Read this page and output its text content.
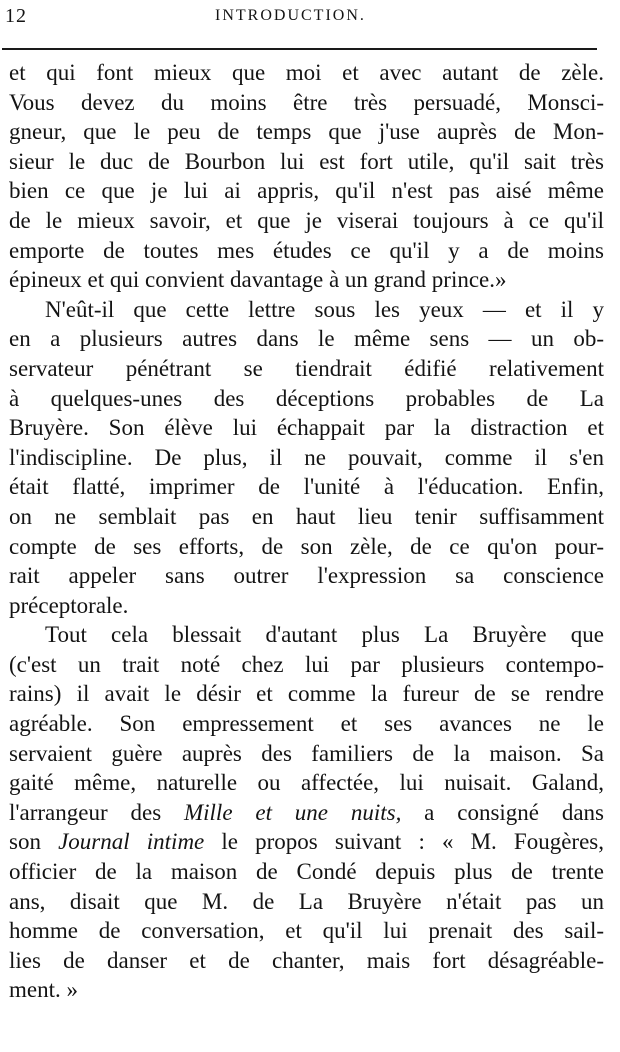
12	INTRODUCTION.
et qui font mieux que moi et avec autant de zèle.
Vous devez du moins être très persuadé, Monsci-
gneur, que le peu de temps que j'use auprès de Mon-
sieur le duc de Bourbon lui est fort utile, qu'il sait très
bien ce que je lui ai appris, qu'il n'est pas aisé même
de le mieux savoir, et que je viserai toujours à ce qu'il
emporte de toutes mes études ce qu'il y a de moins
épineux et qui convient davantage à un grand prince.»
N'eût-il que cette lettre sous les yeux — et il y
en a plusieurs autres dans le même sens — un ob-
servateur pénétrant se tiendrait édifié relativement
à quelques-unes des déceptions probables de La
Bruyère. Son élève lui échappait par la distraction et
l'indiscipline. De plus, il ne pouvait, comme il s'en
était flatté, imprimer de l'unité à l'éducation. Enfin,
on ne semblait pas en haut lieu tenir suffisamment
compte de ses efforts, de son zèle, de ce qu'on pour-
rait appeler sans outrer l'expression sa conscience
préceptorale.
Tout cela blessait d'autant plus La Bruyère que
(c'est un trait noté chez lui par plusieurs contempo-
rains) il avait le désir et comme la fureur de se rendre
agréable. Son empressement et ses avances ne le
servaient guère auprès des familiers de la maison. Sa
gaité même, naturelle ou affectée, lui nuisait. Galand,
l'arrangeur des Mille et une nuits, a consigné dans
son Journal intime le propos suivant : « M. Fougères,
officier de la maison de Condé depuis plus de trente
ans, disait que M. de La Bruyère n'était pas un
homme de conversation, et qu'il lui prenait des sail-
lies de danser et de chanter, mais fort désagréable-
ment. »
